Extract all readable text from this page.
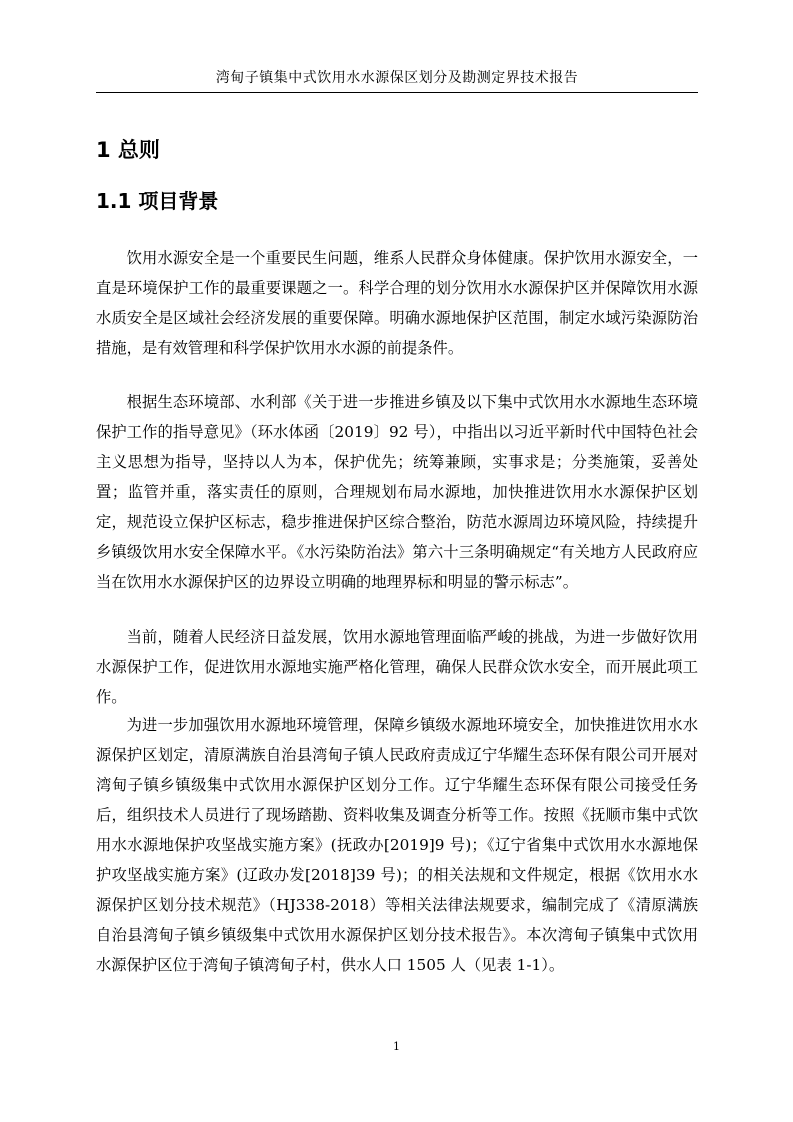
湾甸子镇集中式饮用水水源保区划分及勘测定界技术报告
1 总则
1.1 项目背景

饮用水源安全是一个重要民生问题，维系人民群众身体健康。保护饮用水源安全，一直是环境保护工作的最重要课题之一。科学合理的划分饮用水水源保护区并保障饮用水源水质安全是区域社会经济发展的重要保障。明确水源地保护区范围，制定水域污染源防治措施，是有效管理和科学保护饮用水水源的前提条件。

根据生态环境部、水利部《关于进一步推进乡镇及以下集中式饮用水水源地生态环境保护工作的指导意见》（环水体函〔2019〕92 号），中指出以习近平新时代中国特色社会主义思想为指导，坚持以人为本，保护优先；统筹兼顾，实事求是；分类施策，妥善处置；监管并重，落实责任的原则，合理规划布局水源地，加快推进饮用水水源保护区划定，规范设立保护区标志，稳步推进保护区综合整治，防范水源周边环境风险，持续提升乡镇级饮用水安全保障水平。《水污染防治法》第六十三条明确规定“有关地方人民政府应当在饮用水水源保护区的边界设立明确的地理界标和明显的警示标志”。

当前，随着人民经济日益发展，饮用水源地管理面临严峻的挑战，为进一步做好饮用水源保护工作，促进饮用水源地实施严格化管理，确保人民群众饮水安全，而开展此项工作。

为进一步加强饮用水源地环境管理，保障乡镇级水源地环境安全，加快推进饮用水水源保护区划定，清原满族自治县湾甸子镇人民政府责成辽宁华耀生态环保有限公司开展对湾甸子镇乡镇级集中式饮用水源保护区划分工作。辽宁华耀生态环保有限公司接受任务后，组织技术人员进行了现场踏勘、资料收集及调查分析等工作。按照《抚顺市集中式饮用水水源地保护攻坚战实施方案》(抚政办[2019]9 号)；《辽宁省集中式饮用水水源地保护攻坚战实施方案》(辽政办发[2018]39 号)；的相关法规和文件规定，根据《饮用水水源保护区划分技术规范》（HJ338-2018）等相关法律法规要求，编制完成了《清原满族自治县湾甸子镇乡镇级集中式饮用水源保护区划分技术报告》。本次湾甸子镇集中式饮用水源保护区位于湾甸子镇湾甸子村，供水人口 1505 人（见表 1-1）。

1
